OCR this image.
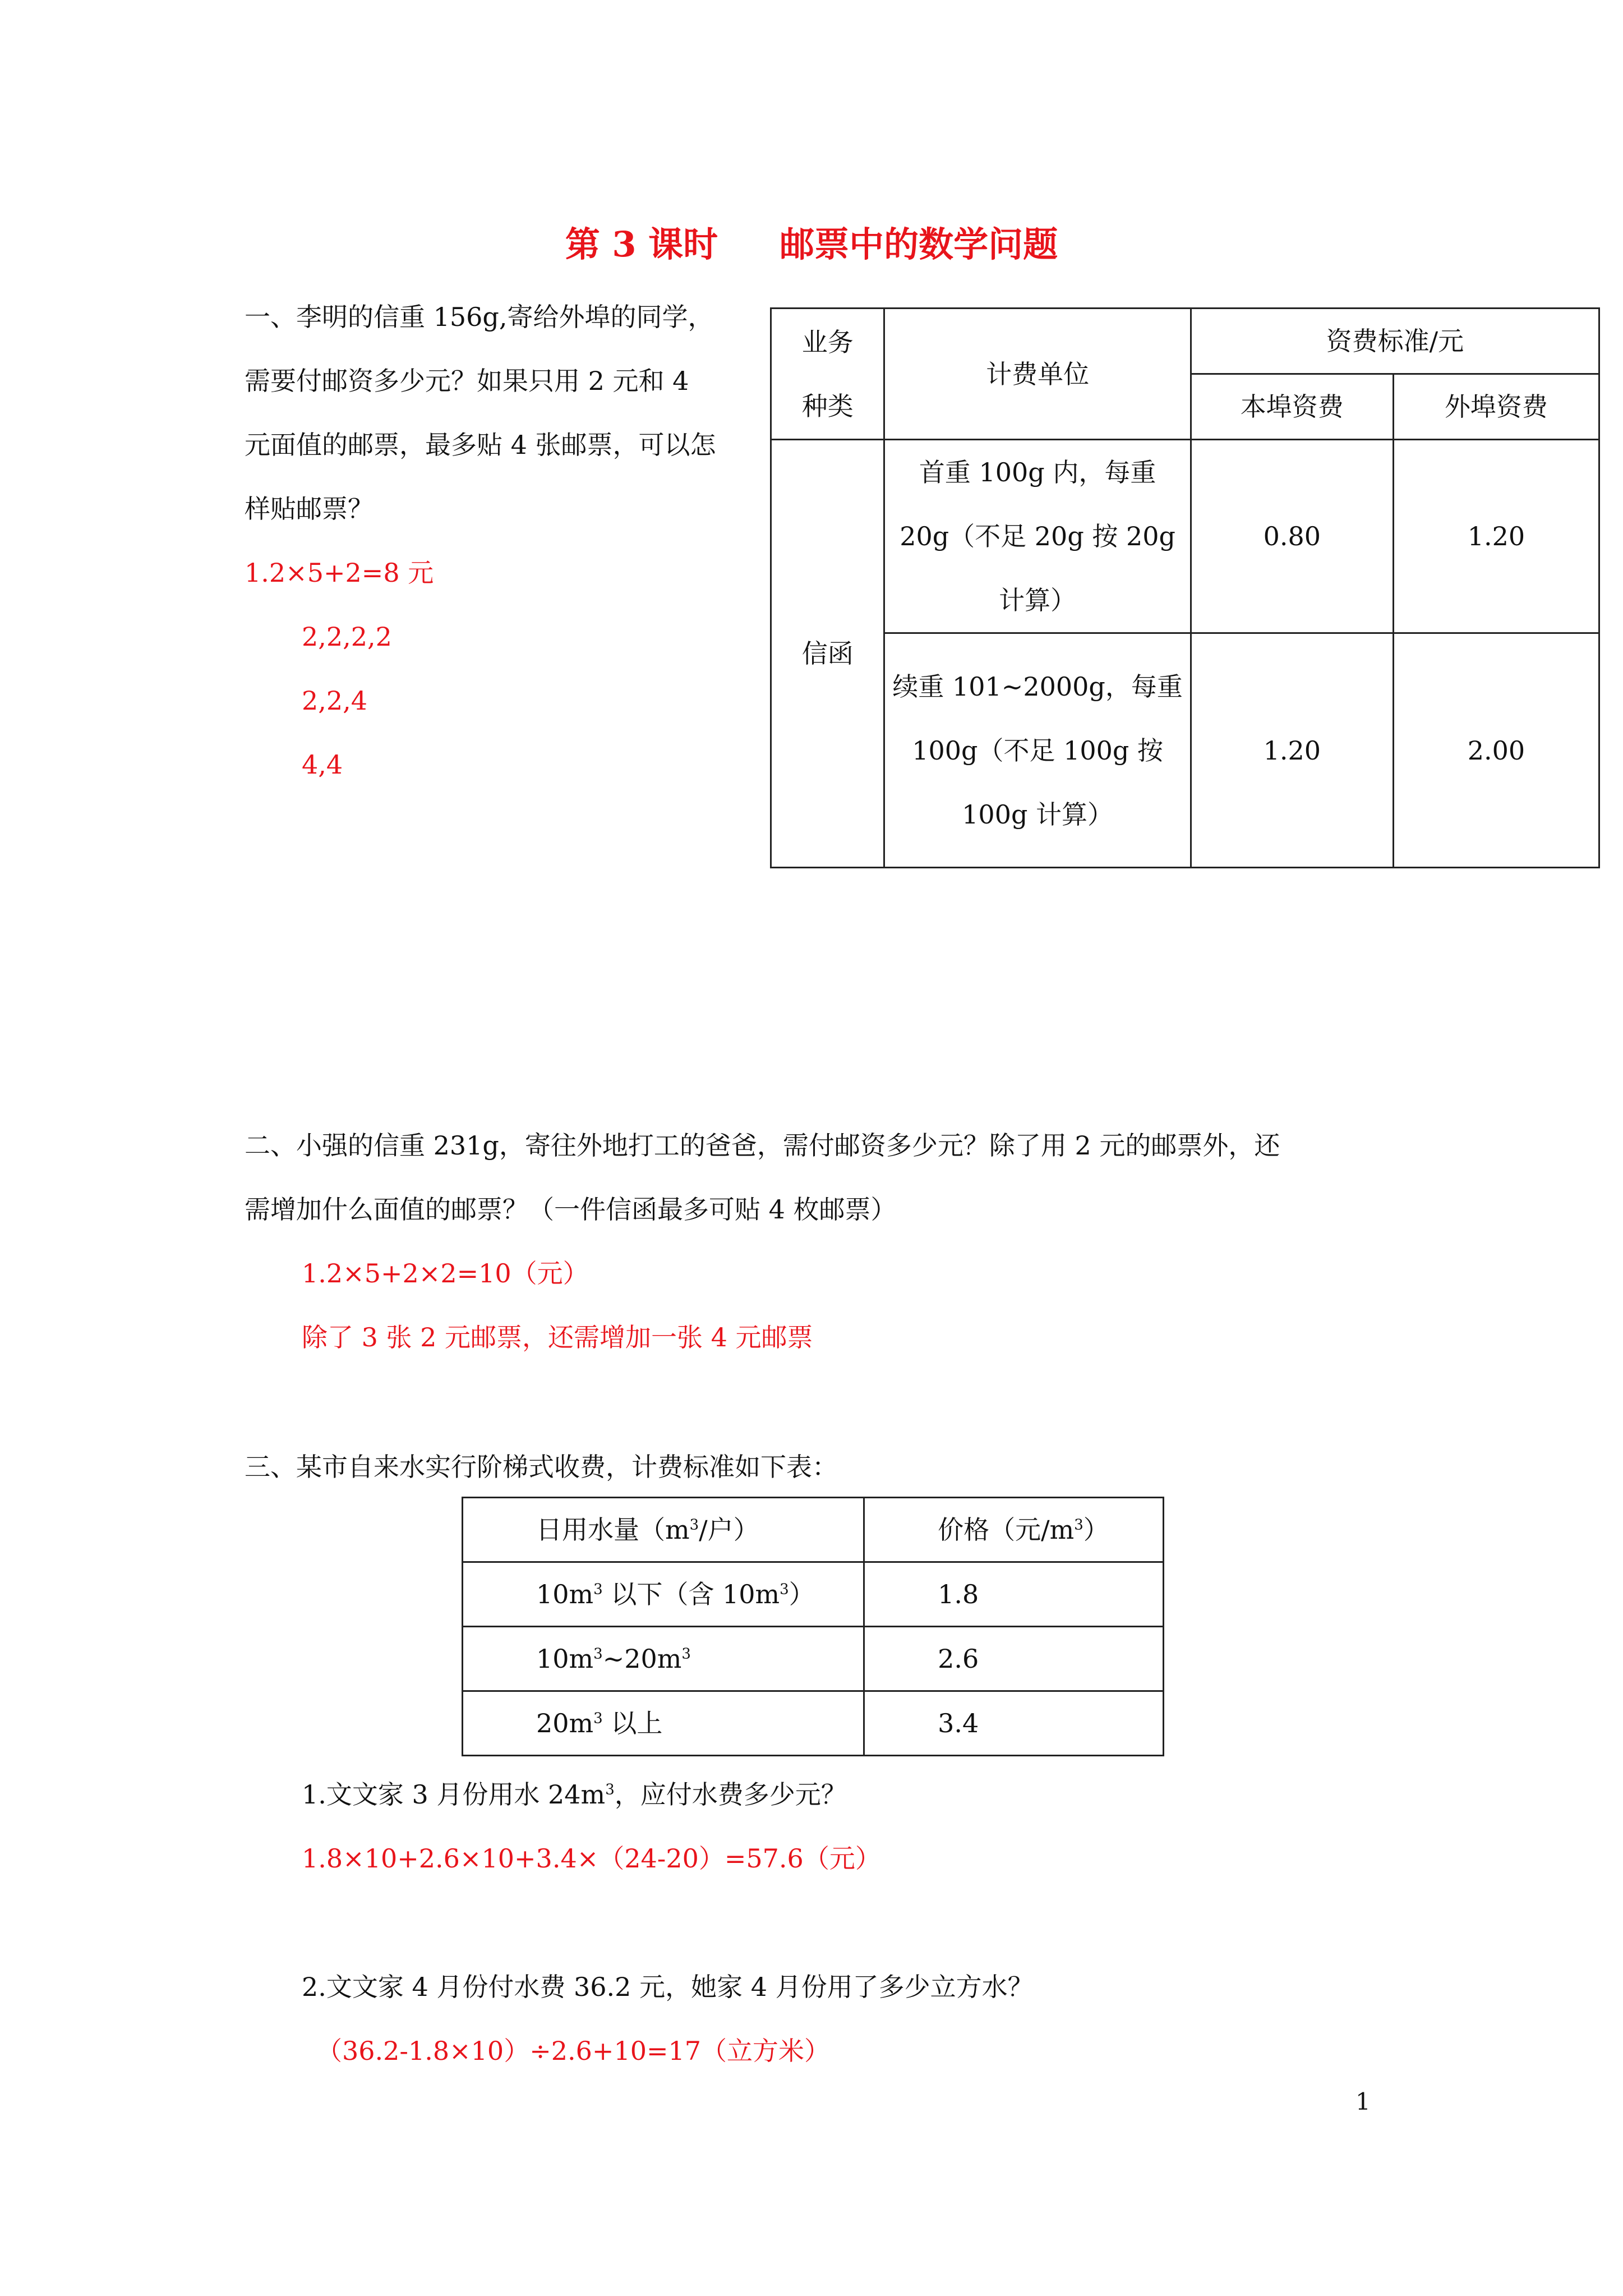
第 3 课时 邮票中的数学问题
一、李明的信重 156g,寄给外埠的同学，
需要付邮资多少元？如果只用 2 元和 4
元面值的邮票，最多贴 4 张邮票，可以怎
样贴邮票？
1.2×5+2=8 元
2,2,2,2
2,2,4
4,4
业务
种类	计费单位	资费标准/元	
		本埠资费	外埠资费
信函	首重 100g 内，每重
20g（不足 20g 按 20g
计算）	0.80	1.20

	续重 101~2000g，每重
100g（不足 100g 按
100g 计算）	1.20	2.00
二、小强的信重 231g，寄往外地打工的爸爸，需付邮资多少元？除了用 2 元的邮票外，还
需增加什么面值的邮票？（一件信函最多可贴 4 枚邮票）
1.2×5+2×2=10（元）
除了 3 张 2 元邮票，还需增加一张 4 元邮票
三、某市自来水实行阶梯式收费，计费标准如下表：
日用水量（$m^3/$户）	价格（元$/m^3$）
$10m^3$ 以下（含 $10m^3$）	1.8
$10m^3\sim 20m^3$	2.6
$20m^3$ 以上	3.4
1.文文家 3 月份用水 $24m^3$，应付水费多少元？
1.8×10+2.6×10+3.4×（24-20）=57.6（元）
2.文文家 4 月份付水费 36.2 元，她家 4 月份用了多少立方水？
（36.2-1.8×10）÷2.6+10=17（立方米）
1
